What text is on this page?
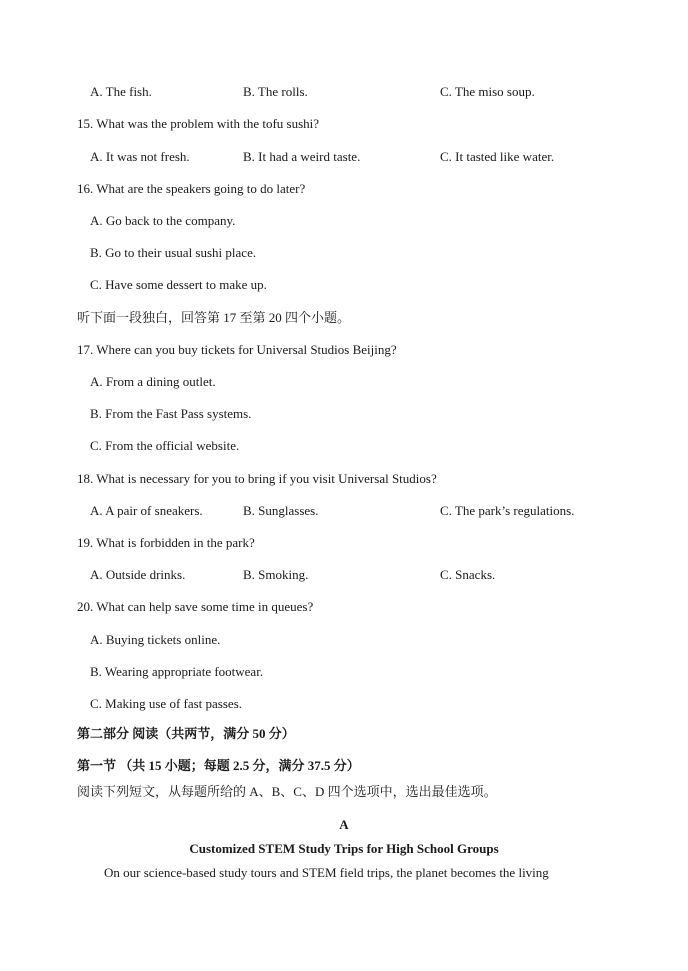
A. The fish.	B. The rolls.	C. The miso soup.
15. What was the problem with the tofu sushi?
A. It was not fresh.	B. It had a weird taste.	C. It tasted like water.
16. What are the speakers going to do later?
A. Go back to the company.
B. Go to their usual sushi place.
C. Have some dessert to make up.
听下面一段独白，回答第 17 至第 20 四个小题。
17. Where can you buy tickets for Universal Studios Beijing?
A. From a dining outlet.
B. From the Fast Pass systems.
C. From the official website.
18. What is necessary for you to bring if you visit Universal Studios?
A. A pair of sneakers.	B. Sunglasses.	C. The park’s regulations.
19. What is forbidden in the park?
A. Outside drinks.	B. Smoking.	C. Snacks.
20. What can help save some time in queues?
A. Buying tickets online.
B. Wearing appropriate footwear.
C. Making use of fast passes.
第二部分 阅读（共两节，满分 50 分）
第一节 （共 15 小题；每题 2.5 分，满分 37.5 分）
阅读下列短文，从每题所给的 A、B、C、D 四个选项中，选出最佳选项。
A
Customized STEM Study Trips for High School Groups
On our science-based study tours and STEM field trips, the planet becomes the living
